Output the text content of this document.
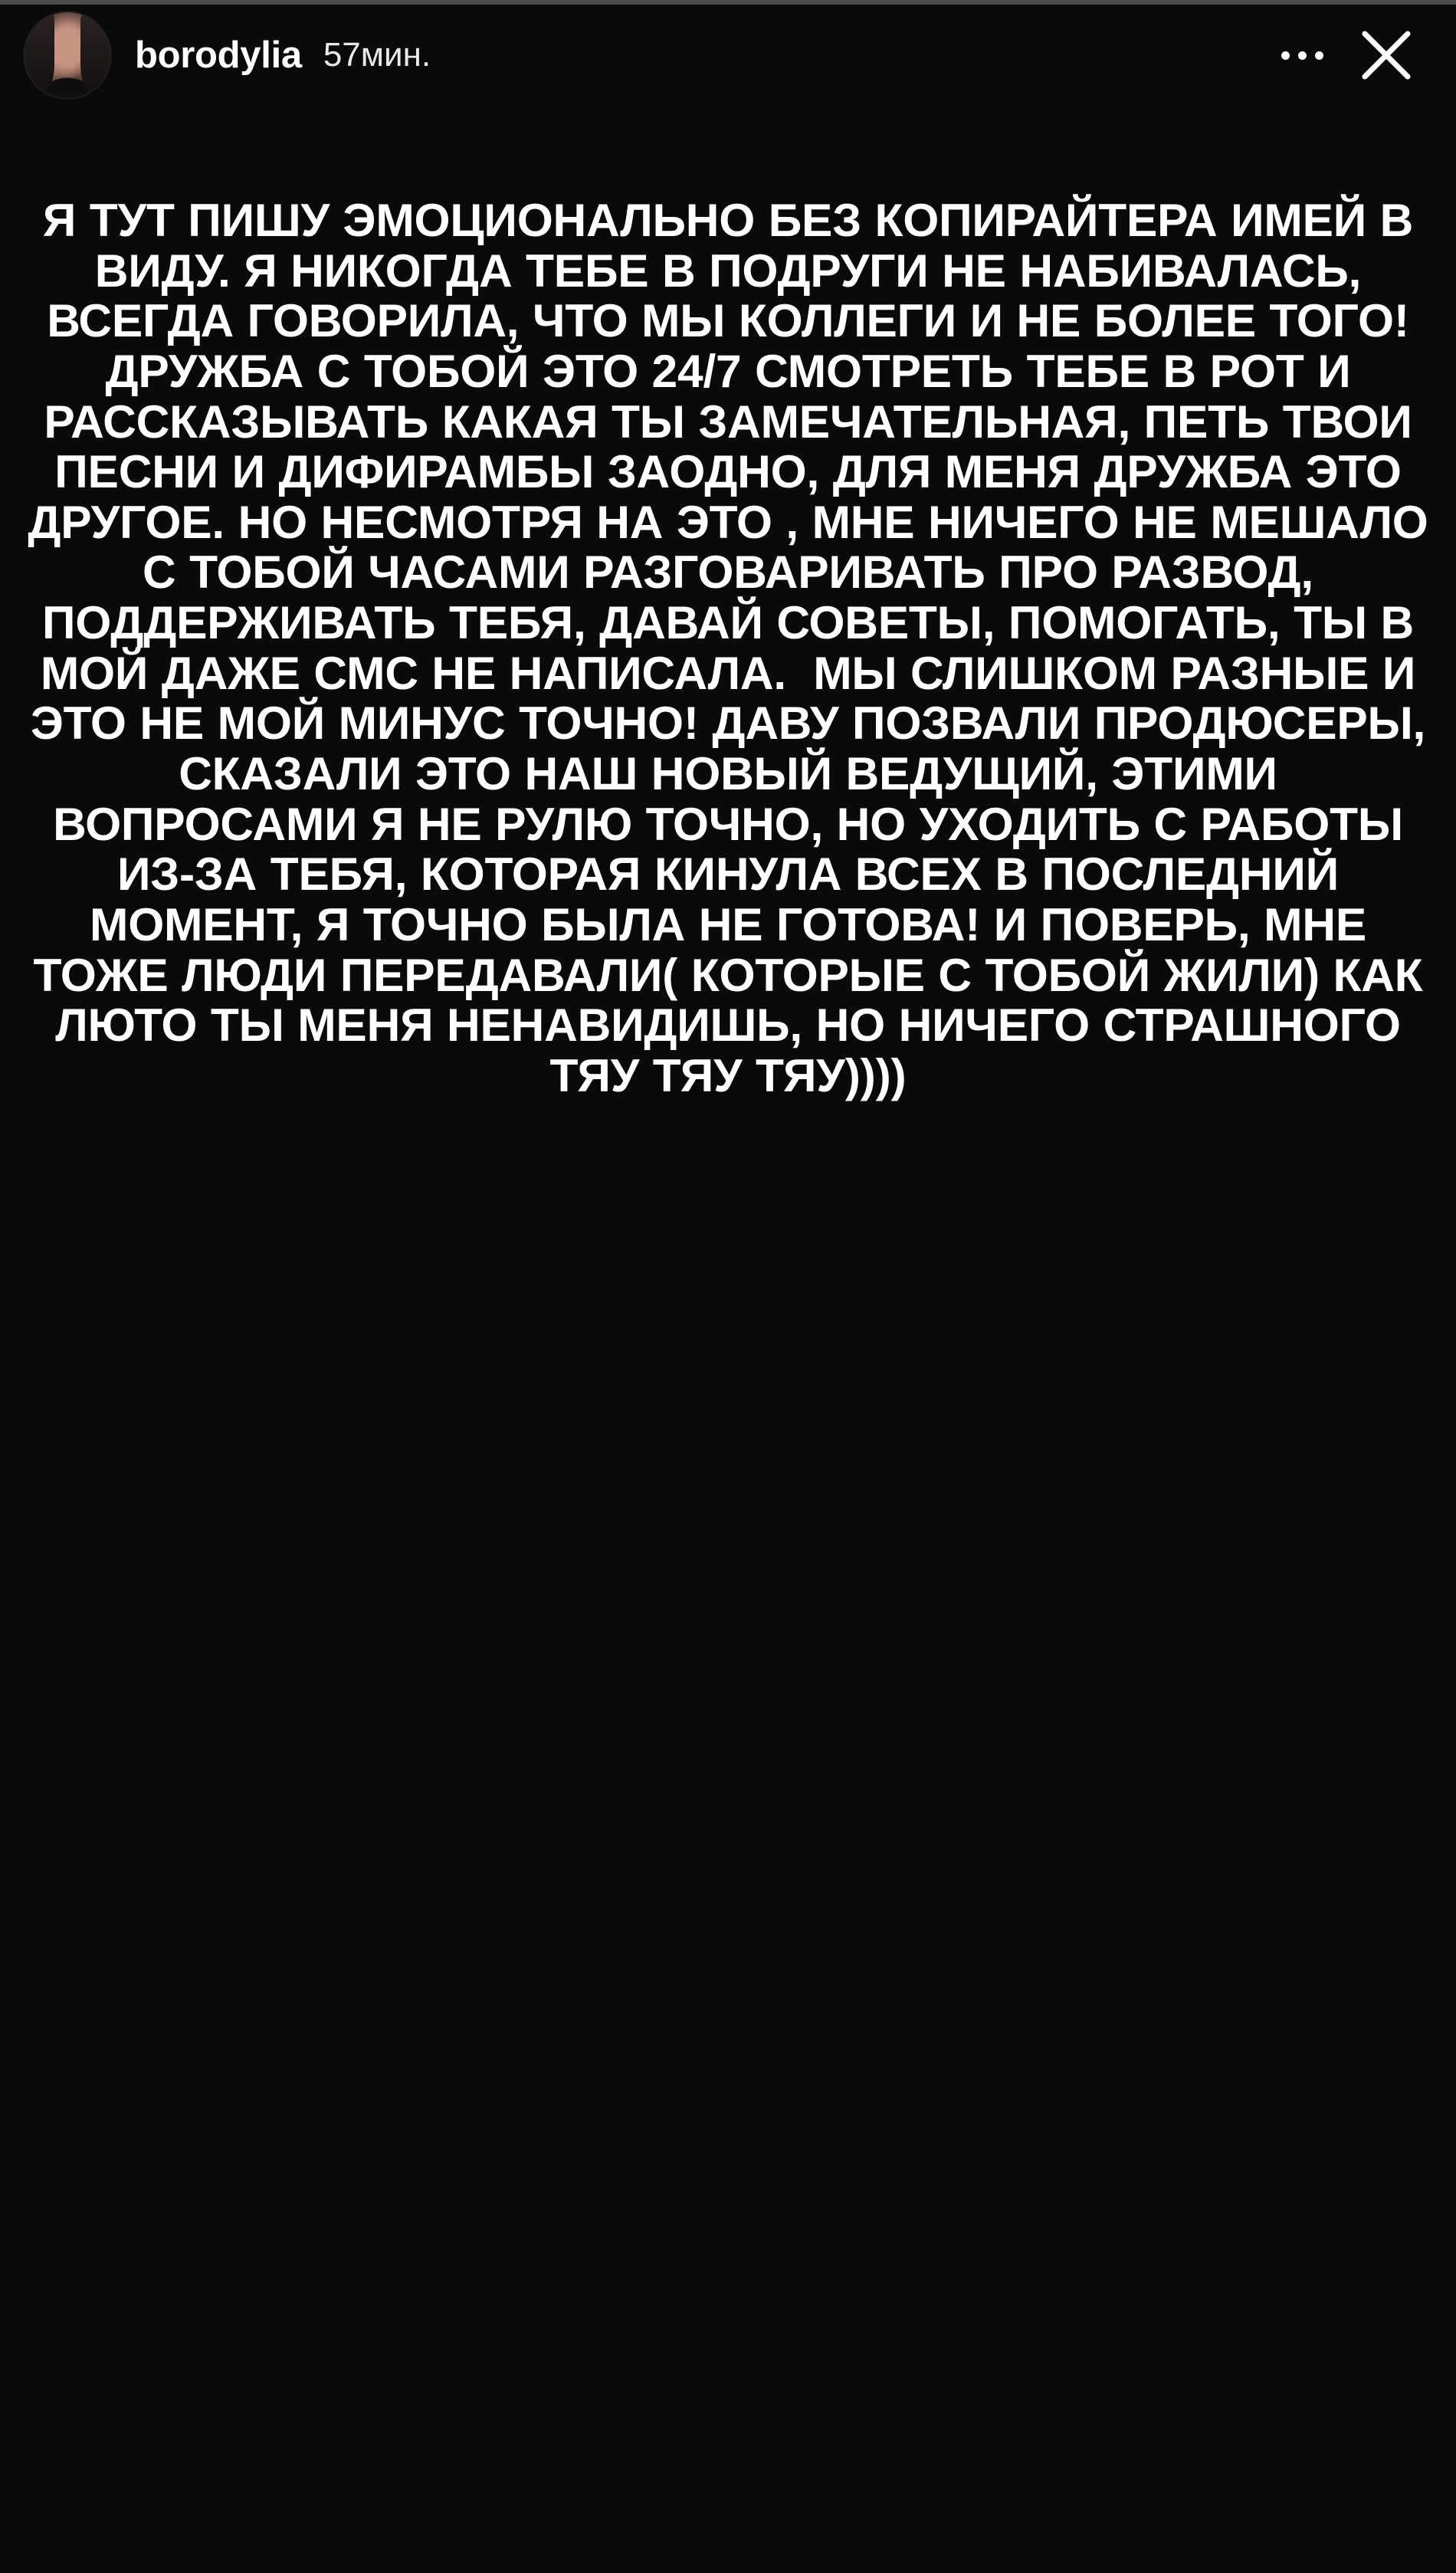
borodylia 57мин.
Я ТУТ ПИШУ ЭМОЦИОНАЛЬНО БЕЗ КОПИРАЙТЕРА ИМЕЙ В ВИДУ. Я НИКОГДА ТЕБЕ В ПОДРУГИ НЕ НАБИВАЛАСЬ, ВСЕГДА ГОВОРИЛА, ЧТО МЫ КОЛЛЕГИ И НЕ БОЛЕЕ ТОГО!ДРУЖБА С ТОБОЙ ЭТО 24/7 СМОТРЕТЬ ТЕБЕ В РОТ И РАССКАЗЫВАТЬ КАКАЯ ТЫ ЗАМЕЧАТЕЛЬНАЯ, ПЕТЬ ТВОИ ПЕСНИ И ДИФИРАМБЫ ЗАОДНО, ДЛЯ МЕНЯ ДРУЖБА ЭТО ДРУГОЕ. НО НЕСМОТРЯ НА ЭТО , МНЕ НИЧЕГО НЕ МЕШАЛО С ТОБОЙ ЧАСАМИ РАЗГОВАРИВАТЬ ПРО РАЗВОД, ПОДДЕРЖИВАТЬ ТЕБЯ, ДАВАЙ СОВЕТЫ, ПОМОГАТЬ, ТЫ В МОЙ ДАЖЕ СМС НЕ НАПИСАЛА.  МЫ СЛИШКОМ РАЗНЫЕ И ЭТО НЕ МОЙ МИНУС ТОЧНО! ДАВУ ПОЗВАЛИ ПРОДЮСЕРЫ, СКАЗАЛИ ЭТО НАШ НОВЫЙ ВЕДУЩИЙ, ЭТИМИ ВОПРОСАМИ Я НЕ РУЛЮ ТОЧНО, НО УХОДИТЬ С РАБОТЫ ИЗ-ЗА ТЕБЯ, КОТОРАЯ КИНУЛА ВСЕХ В ПОСЛЕДНИЙ МОМЕНТ, Я ТОЧНО БЫЛА НЕ ГОТОВА! И ПОВЕРЬ, МНЕ ТОЖЕ ЛЮДИ ПЕРЕДАВАЛИ( КОТОРЫЕ С ТОБОЙ ЖИЛИ) КАК ЛЮТО ТЫ МЕНЯ НЕНАВИДИШЬ, НО НИЧЕГО СТРАШНОГО ТЯУ ТЯУ ТЯУ))))
